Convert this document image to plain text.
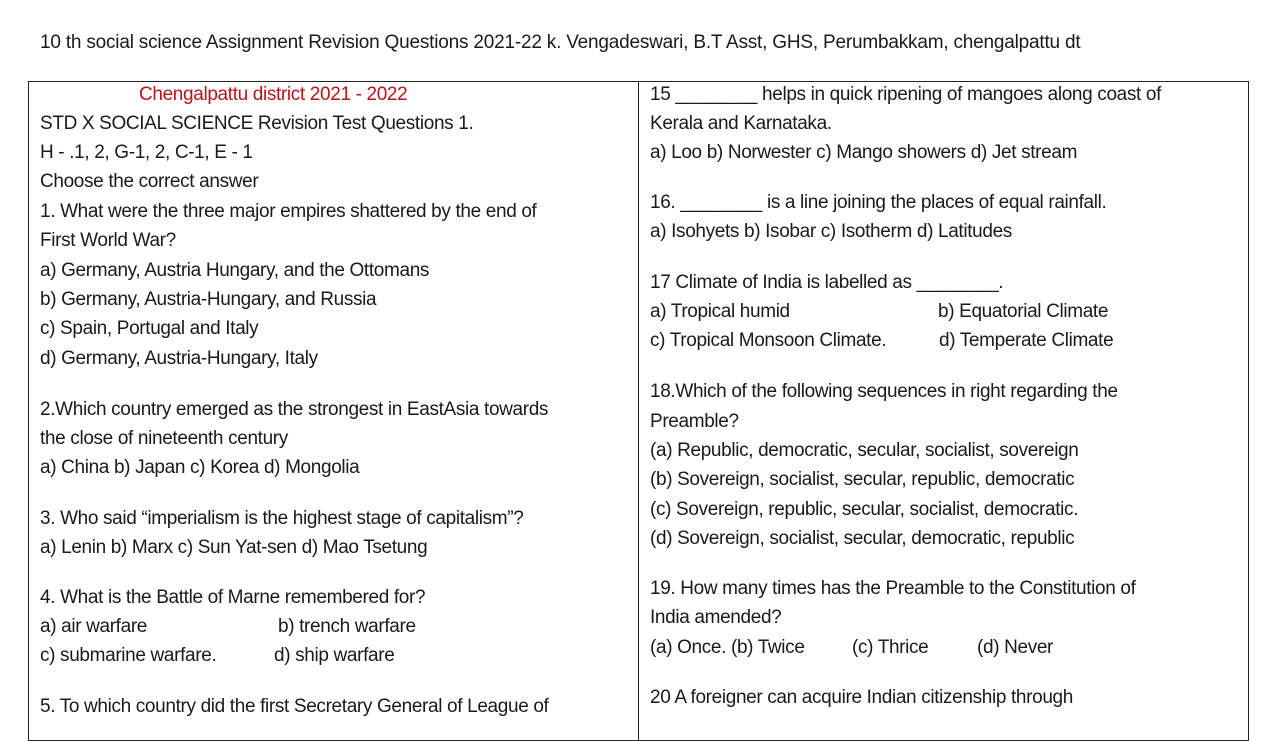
10 th social science Assignment Revision Questions 2021-22 k. Vengadeswari, B.T Asst, GHS, Perumbakkam, chengalpattu dt
Chengalpattu district 2021 - 2022
STD X SOCIAL SCIENCE Revision Test Questions 1.
H - .1, 2, G-1, 2, C-1, E - 1
Choose the correct answer
1. What were the three major empires shattered by the end of
First World War?
a) Germany, Austria Hungary, and the Ottomans
b) Germany, Austria-Hungary, and Russia
c) Spain, Portugal and Italy
d) Germany, Austria-Hungary, Italy
2.Which country emerged as the strongest in EastAsia towards
the close of nineteenth century
a) China b) Japan c) Korea d) Mongolia
3. Who said “imperialism is the highest stage of capitalism”?
a) Lenin b) Marx c) Sun Yat-sen d) Mao Tsetung
4. What is the Battle of Marne remembered for?
a) air warfare	b) trench warfare
c) submarine warfare.	d) ship warfare
5. To which country did the first Secretary General of League of
15 ________ helps in quick ripening of mangoes along coast of
Kerala and Karnataka.
a) Loo b) Norwester c) Mango showers d) Jet stream
16. ________ is a line joining the places of equal rainfall.
a) Isohyets b) Isobar c) Isotherm d) Latitudes
17 Climate of India is labelled as ________.
a) Tropical humid	b) Equatorial Climate
c) Tropical Monsoon Climate.	d) Temperate Climate
18.Which of the following sequences in right regarding the
Preamble?
(a) Republic, democratic, secular, socialist, sovereign
(b) Sovereign, socialist, secular, republic, democratic
(c) Sovereign, republic, secular, socialist, democratic.
(d) Sovereign, socialist, secular, democratic, republic
19. How many times has the Preamble to the Constitution of
India amended?
(a) Once. (b) Twice (c) Thrice	(d) Never
20 A foreigner can acquire Indian citizenship through
